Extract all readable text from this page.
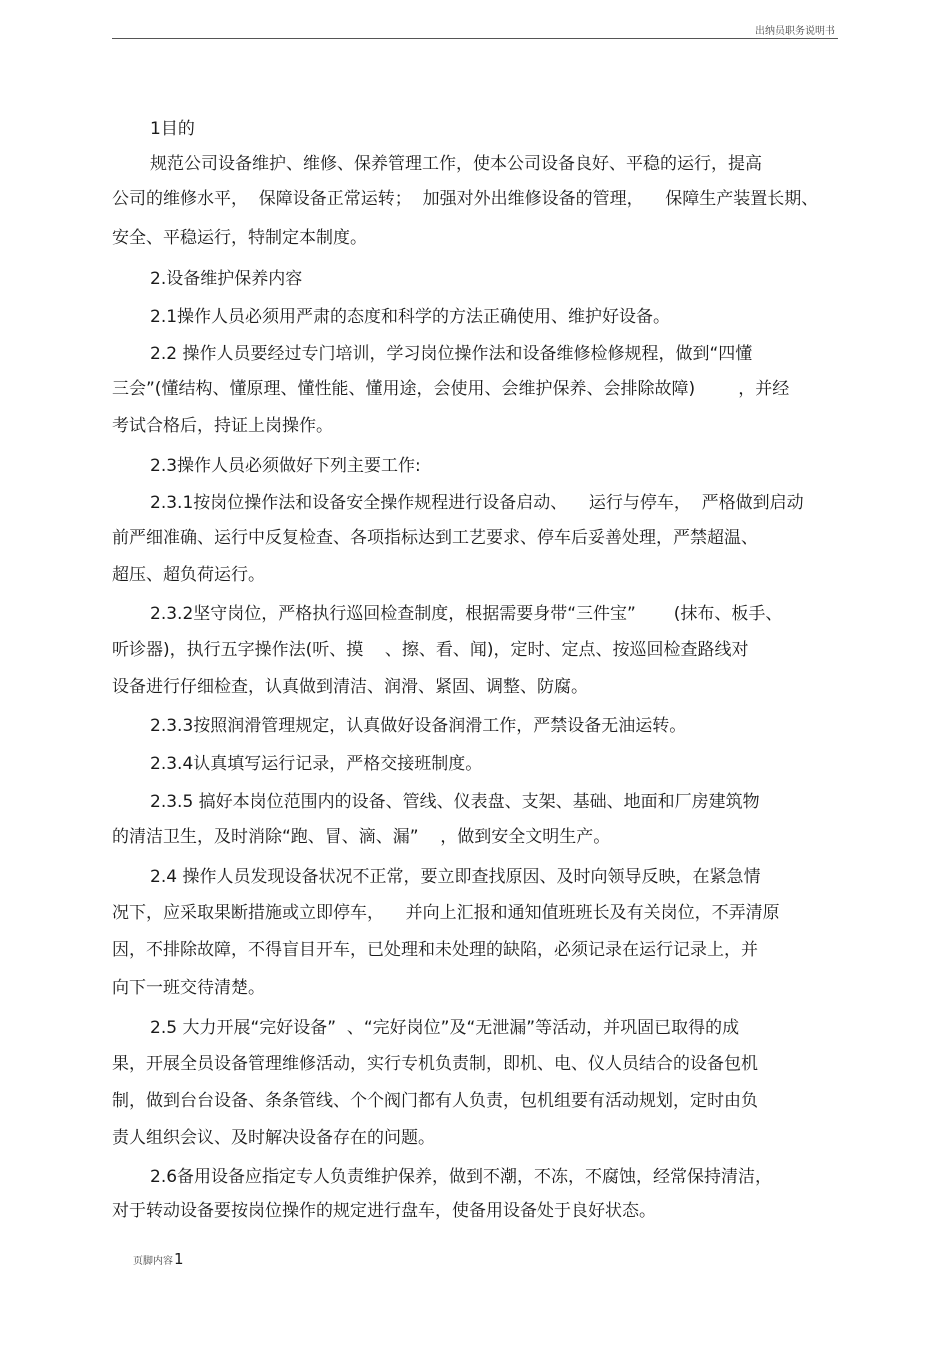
出纳员职务说明书
1目的
规范公司设备维护、维修、保养管理工作，使本公司设备良好、平稳的运行，提高
公司的维修水平，  保障设备正常运转；  加强对外出维修设备的管理，    保障生产装置长期、
安全、平稳运行，特制定本制度。
2.设备维护保养内容
2.1操作人员必须用严肃的态度和科学的方法正确使用、维护好设备。
2.2 操作人员要经过专门培训，学习岗位操作法和设备维修检修规程，做到“四懂
三会”(懂结构、懂原理、懂性能、懂用途，会使用、会维护保养、会排除故障)        ，并经
考试合格后，持证上岗操作。
2.3操作人员必须做好下列主要工作:
2.3.1按岗位操作法和设备安全操作规程进行设备启动、    运行与停车，  严格做到启动
前严细准确、运行中反复检查、各项指标达到工艺要求、停车后妥善处理，严禁超温、
超压、超负荷运行。
2.3.2坚守岗位，严格执行巡回检查制度，根据需要身带“三件宝”       (抹布、板手、
听诊器)，执行五字操作法(听、摸    、擦、看、闻)，定时、定点、按巡回检查路线对
设备进行仔细检查，认真做到清洁、润滑、紧固、调整、防腐。
2.3.3按照润滑管理规定，认真做好设备润滑工作，严禁设备无油运转。
2.3.4认真填写运行记录，严格交接班制度。
2.3.5 搞好本岗位范围内的设备、管线、仪表盘、支架、基础、地面和厂房建筑物
的清洁卫生，及时消除“跑、冒、滴、漏”    ，做到安全文明生产。
2.4 操作人员发现设备状况不正常，要立即查找原因、及时向领导反映，在紧急情
况下，应采取果断措施或立即停车，    并向上汇报和通知值班班长及有关岗位，不弄清原
因，不排除故障，不得盲目开车，已处理和未处理的缺陷，必须记录在运行记录上，并
向下一班交待清楚。
2.5 大力开展“完好设备”  、“完好岗位”及“无泄漏”等活动，并巩固已取得的成
果，开展全员设备管理维修活动，实行专机负责制，即机、电、仪人员结合的设备包机
制，做到台台设备、条条管线、个个阀门都有人负责，包机组要有活动规划，定时由负
责人组织会议、及时解决设备存在的问题。
2.6备用设备应指定专人负责维护保养，做到不潮，不冻，不腐蚀，经常保持清洁，
对于转动设备要按岗位操作的规定进行盘车，使备用设备处于良好状态。
页脚内容1
